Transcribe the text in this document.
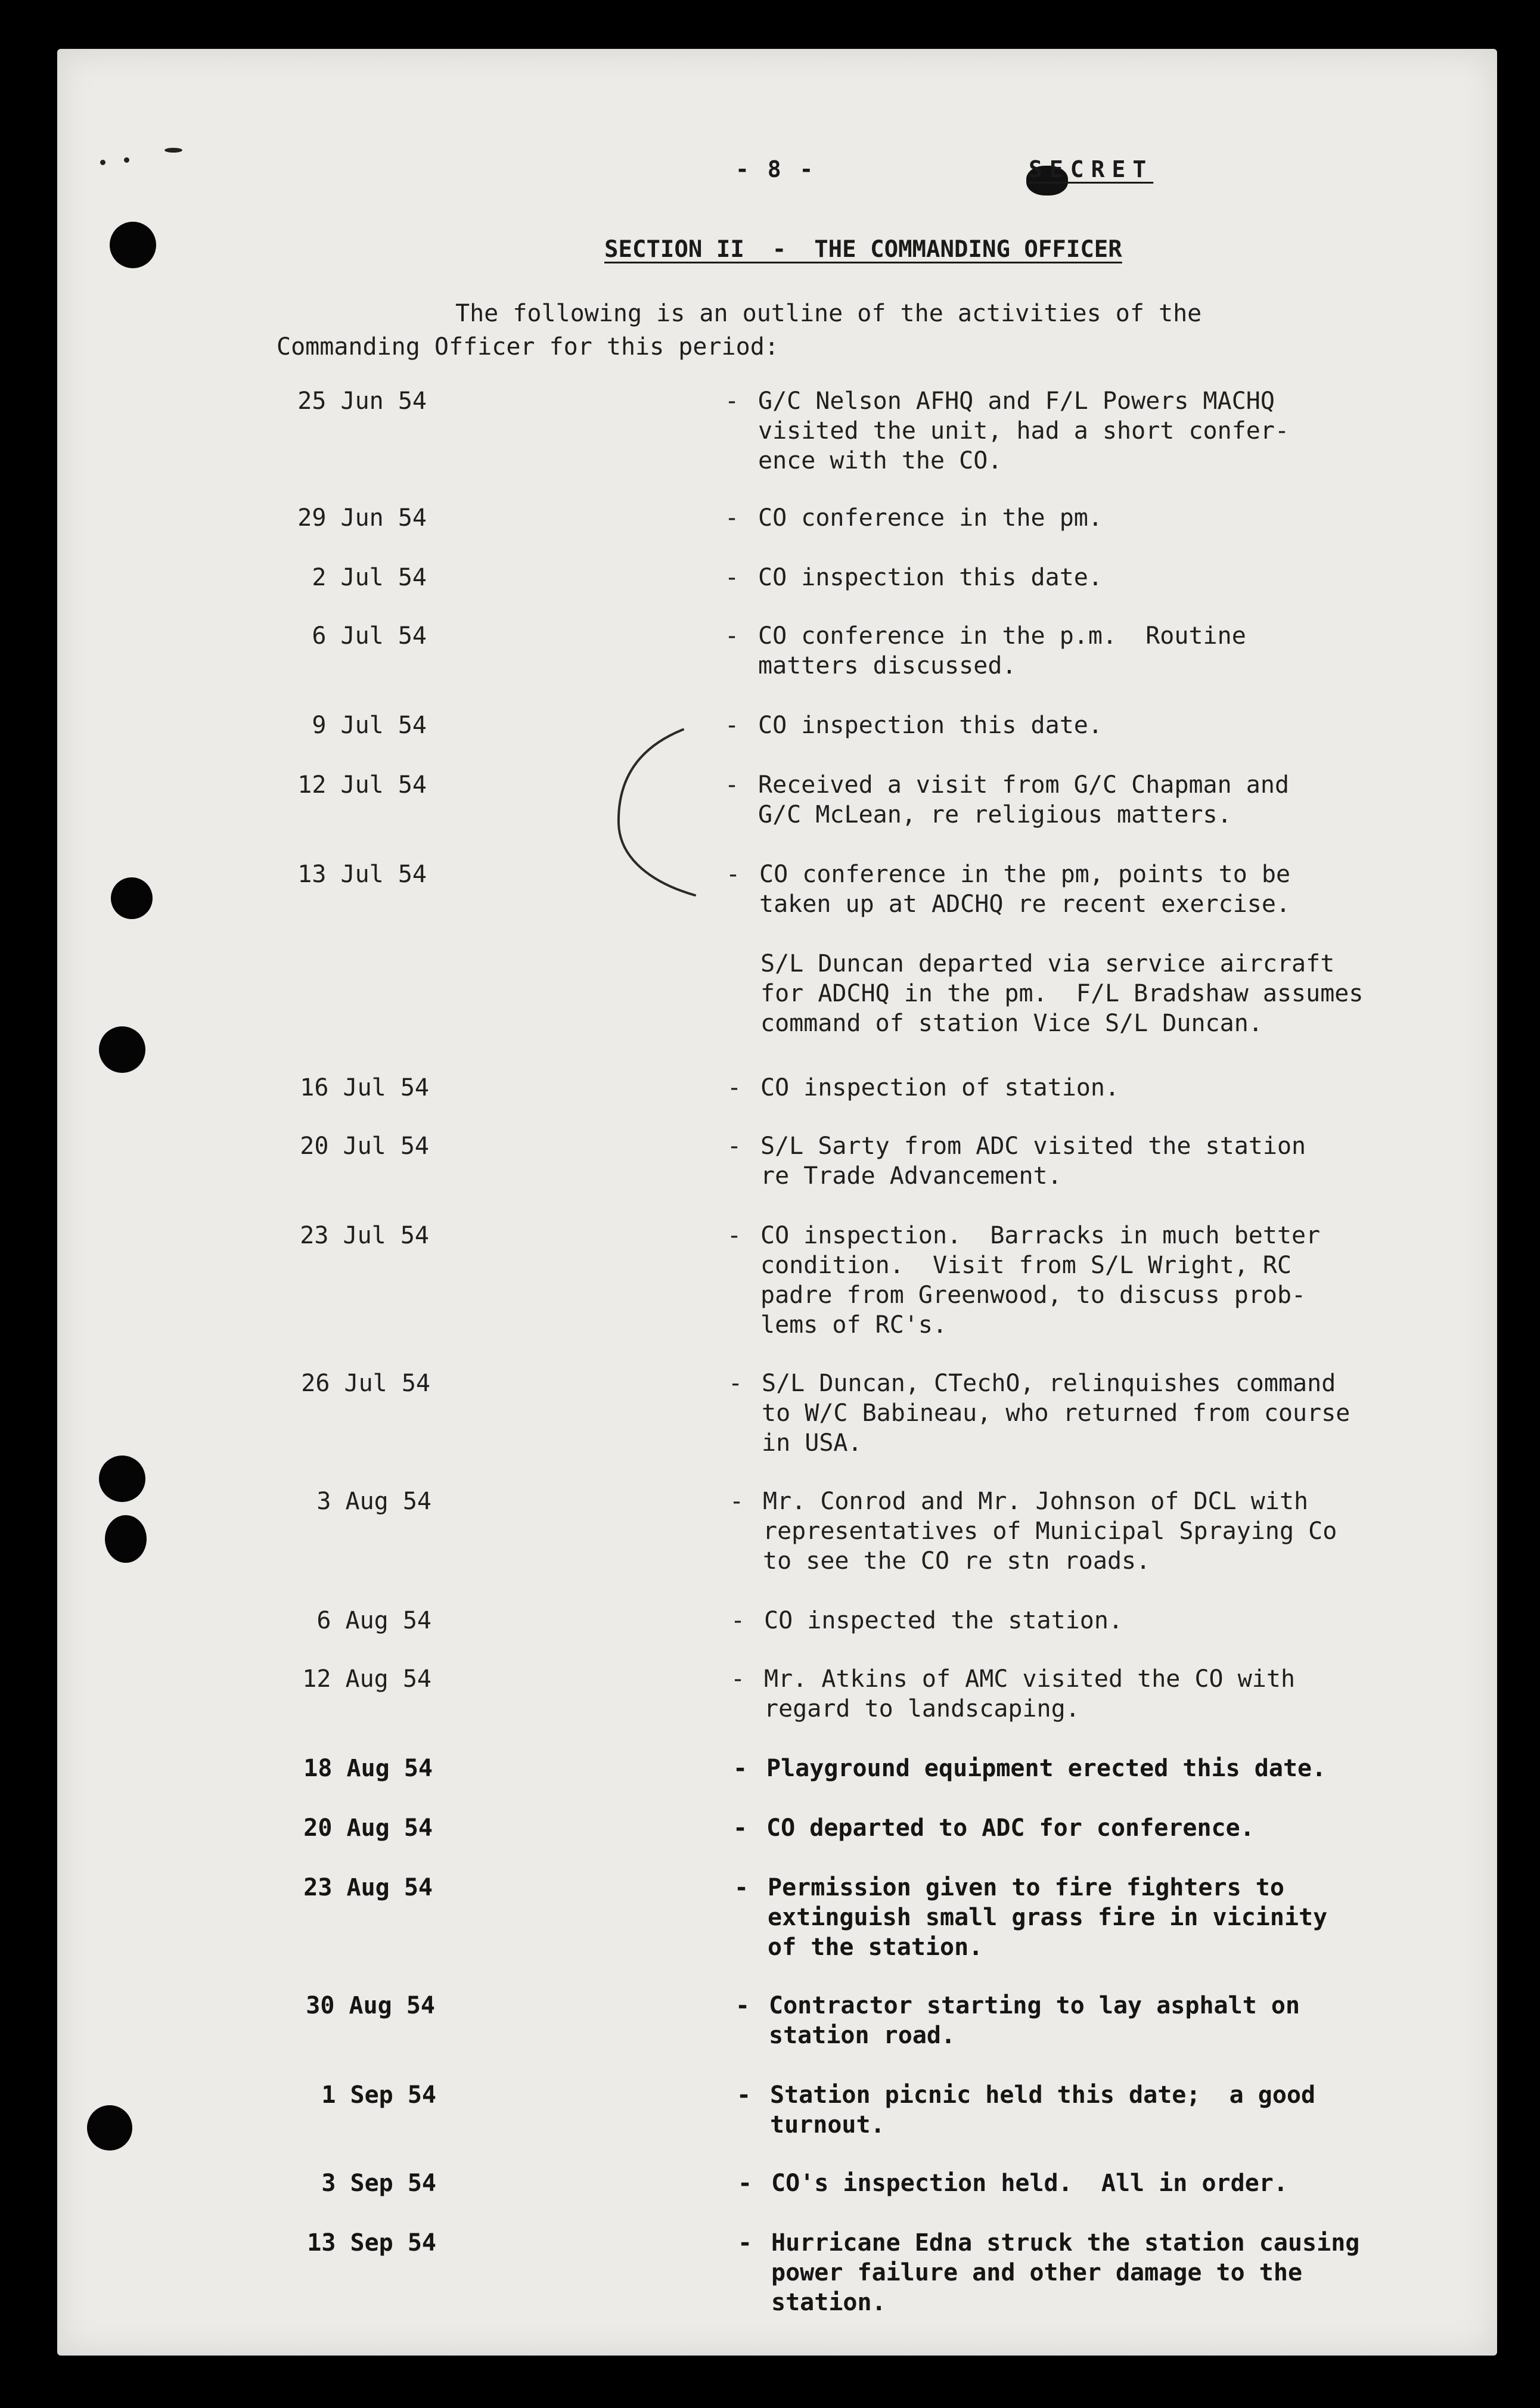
- 8 -	SECRET
SECTION II  -  THE COMMANDING OFFICER
The following is an outline of the activities of the
Commanding Officer for this period:
25 Jun 54	- G/C Nelson AFHQ and F/L Powers MACHQ
visited the unit, had a short confer-
ence with the CO.
29 Jun 54	- CO conference in the pm.
2 Jul 54	- CO inspection this date.
6 Jul 54	- CO conference in the p.m.  Routine
matters discussed.
9 Jul 54	- CO inspection this date.
12 Jul 54	- Received a visit from G/C Chapman and
G/C McLean, re religious matters.
13 Jul 54	- CO conference in the pm, points to be
taken up at ADCHQ re recent exercise.
S/L Duncan departed via service aircraft
for ADCHQ in the pm.  F/L Bradshaw assumes
command of station Vice S/L Duncan.
16 Jul 54	- CO inspection of station.
20 Jul 54	- S/L Sarty from ADC visited the station
re Trade Advancement.
23 Jul 54	- CO inspection.  Barracks in much better
condition.  Visit from S/L Wright, RC
padre from Greenwood, to discuss prob-
lems of RC's.
26 Jul 54	- S/L Duncan, CTechO, relinquishes command
to W/C Babineau, who returned from course
in USA.
3 Aug 54	- Mr. Conrod and Mr. Johnson of DCL with
representatives of Municipal Spraying Co
to see the CO re stn roads.
6 Aug 54	- CO inspected the station.
12 Aug 54	- Mr. Atkins of AMC visited the CO with
regard to landscaping.
18 Aug 54	- Playground equipment erected this date.
20 Aug 54	- CO departed to ADC for conference.
23 Aug 54	- Permission given to fire fighters to
extinguish small grass fire in vicinity
of the station.
30 Aug 54	- Contractor starting to lay asphalt on
station road.
1 Sep 54	- Station picnic held this date;  a good
turnout.
3 Sep 54	- CO's inspection held.  All in order.
13 Sep 54	- Hurricane Edna struck the station causing
power failure and other damage to the
station.
